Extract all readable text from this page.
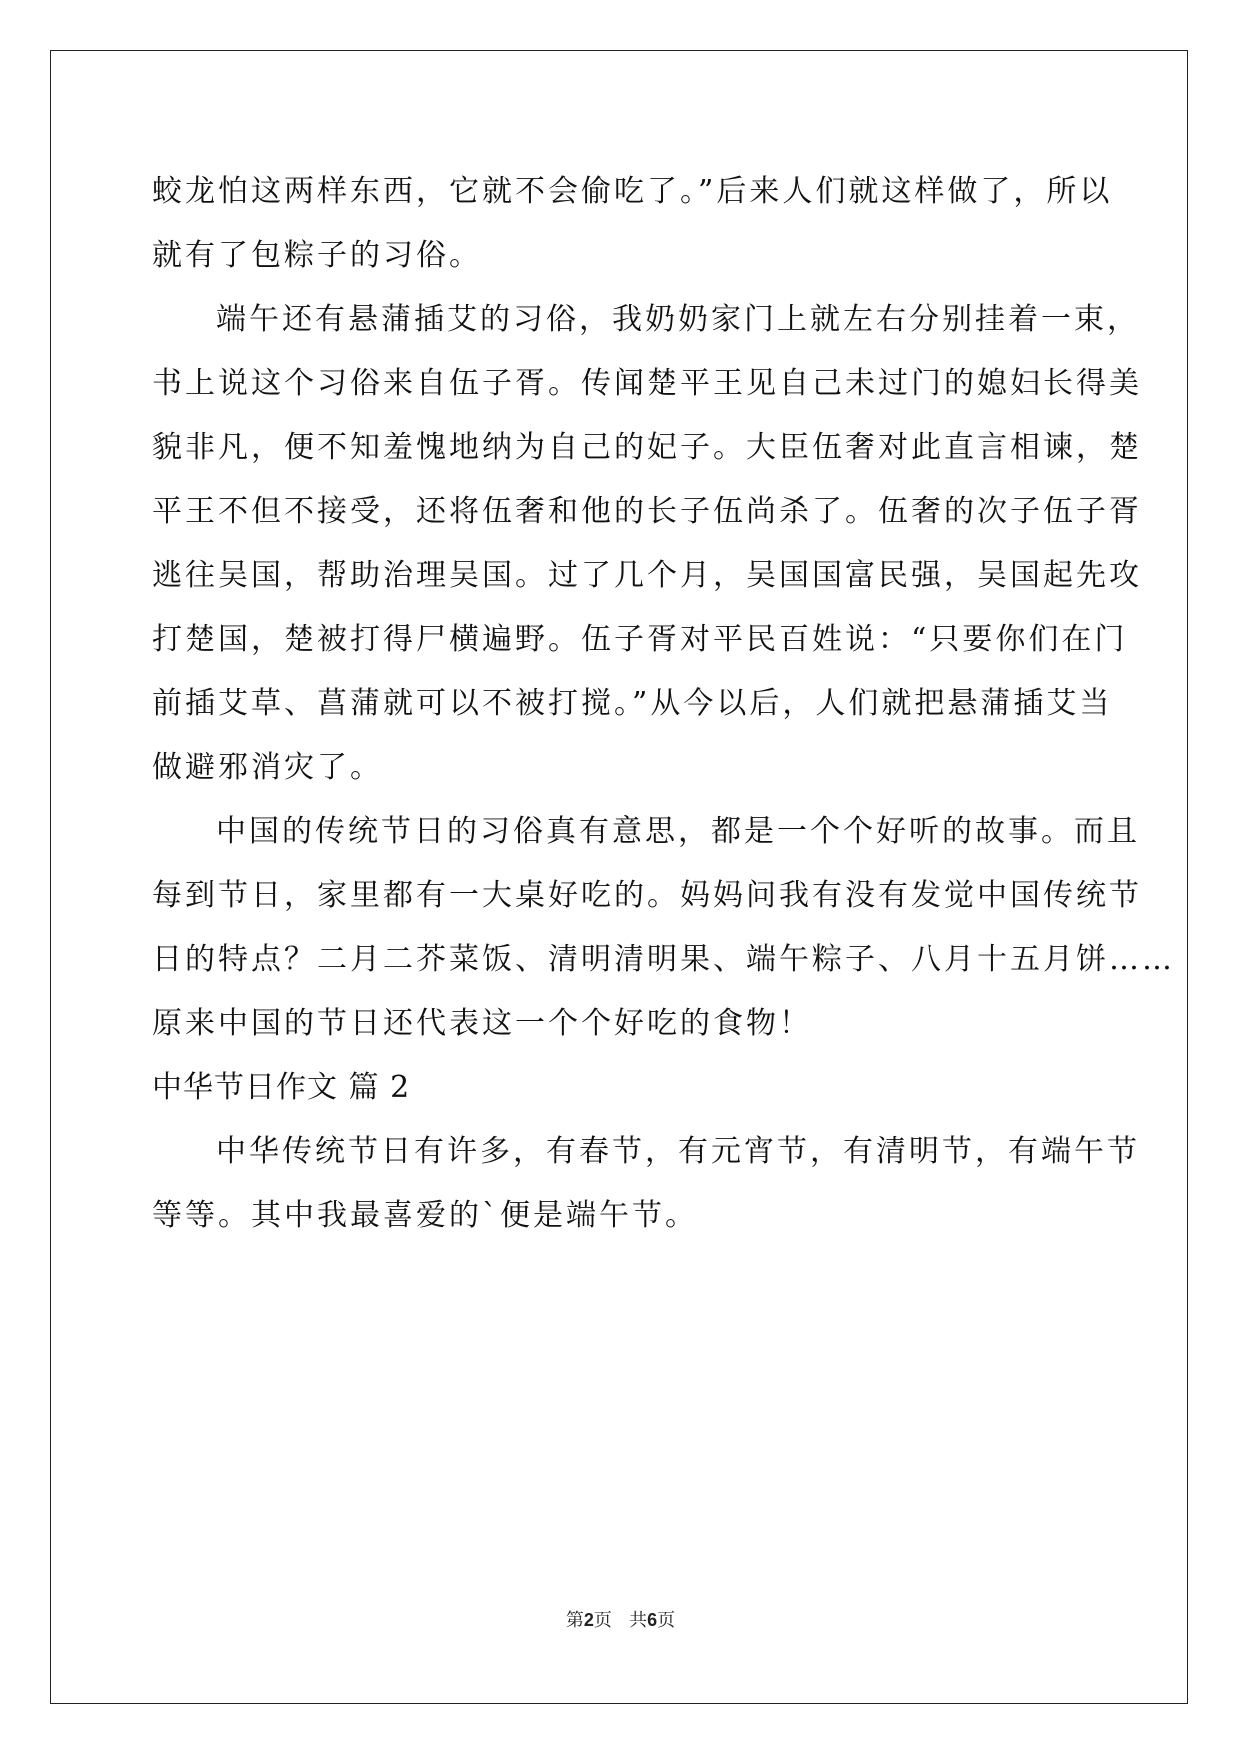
蛟龙怕这两样东西，它就不会偷吃了。”后来人们就这样做了，所以

就有了包粽子的习俗。

端午还有悬蒲插艾的习俗，我奶奶家门上就左右分别挂着一束，

书上说这个习俗来自伍子胥。传闻楚平王见自己未过门的媳妇长得美

貌非凡，便不知羞愧地纳为自己的妃子。大臣伍奢对此直言相谏，楚

平王不但不接受，还将伍奢和他的长子伍尚杀了。伍奢的次子伍子胥

逃往吴国，帮助治理吴国。过了几个月，吴国国富民强，吴国起先攻

打楚国，楚被打得尸横遍野。伍子胥对平民百姓说：“只要你们在门

前插艾草、菖蒲就可以不被打搅。”从今以后，人们就把悬蒲插艾当

做避邪消灾了。

中国的传统节日的习俗真有意思，都是一个个好听的故事。而且

每到节日，家里都有一大桌好吃的。妈妈问我有没有发觉中国传统节

日的特点？二月二芥菜饭、清明清明果、端午粽子、八月十五月饼……

原来中国的节日还代表这一个个好吃的食物！

中华节日作文 篇 2

中华传统节日有许多，有春节，有元宵节，有清明节，有端午节

等等。其中我最喜爱的`便是端午节。

第2页 共6页
